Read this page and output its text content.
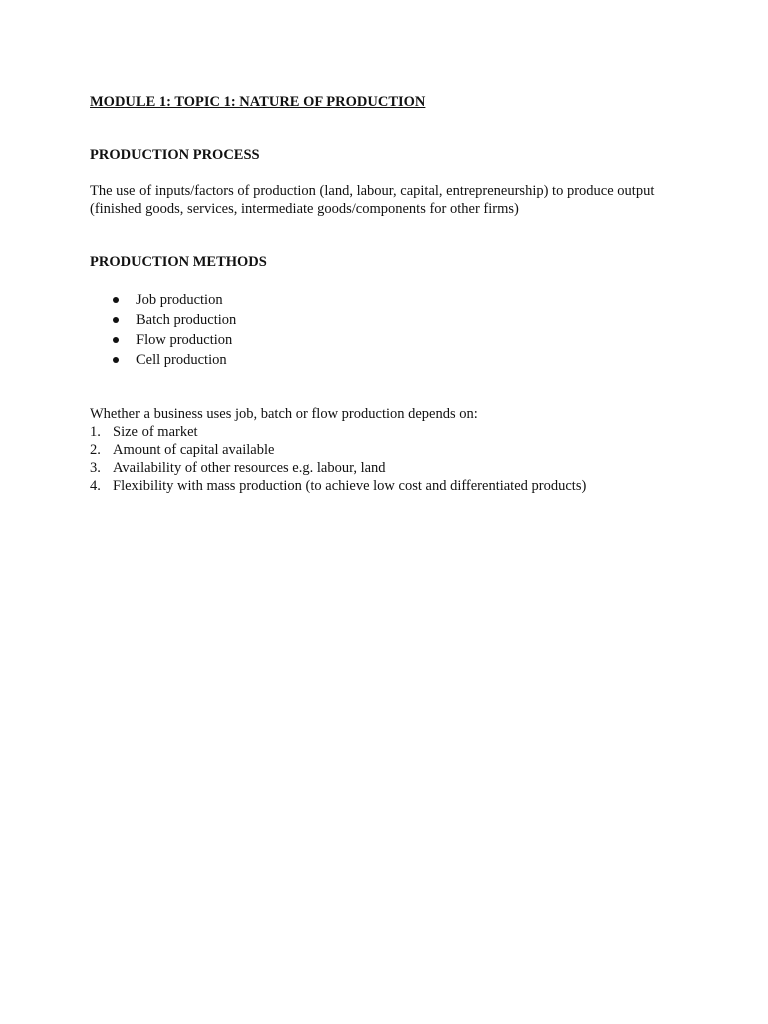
MODULE 1: TOPIC 1: NATURE OF PRODUCTION
PRODUCTION PROCESS
The use of inputs/factors of production (land, labour, capital, entrepreneurship) to produce output
(finished goods, services, intermediate goods/components for other firms)
PRODUCTION METHODS
Job production
Batch production
Flow production
Cell production
Whether a business uses job, batch or flow production depends on:
1. Size of market
2. Amount of capital available
3. Availability of other resources e.g. labour, land
4. Flexibility with mass production (to achieve low cost and differentiated products)
